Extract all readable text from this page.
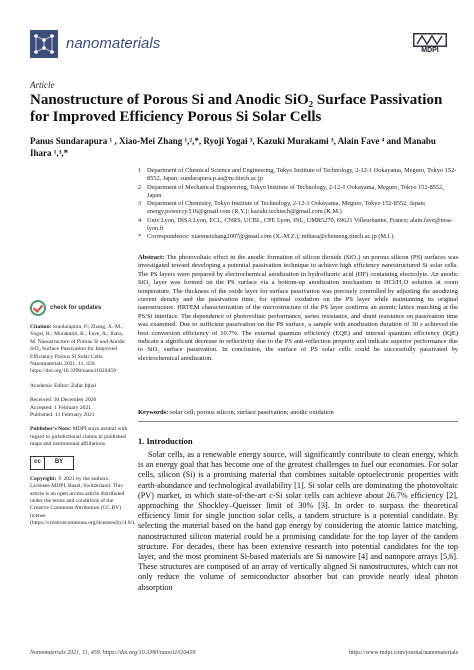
nanomaterials	MDPI
Article
Nanostructure of Porous Si and Anodic SiO₂ Surface Passivation for Improved Efficiency Porous Si Solar Cells
Panus Sundarapura ¹ , Xiao-Mei Zhang ¹,²,*, Ryoji Yogai ³, Kazuki Murakami ³, Alain Fave ⁴ and Manabu Ihara ¹,³,*
1 Department of Chemical Science and Engineering, Tokyo Institute of Technology, 2-12-1 Ookayama, Meguro, Tokyo 152-8552, Japan; sundarapura.p.aa@m.titech.ac.jp
2 Department of Mechanical Engineering, Tokyo Institute of Technology, 2-12-1 Ookayama, Meguro, Tokyo 152-8552, Japan
3 Department of Chemistry, Tokyo Institute of Technology, 2-12-1 Ookayama, Meguro, Tokyo 152-8552, Japan; energy.power.ry.516@gmail.com (R.Y.); kazuki.techtech@gmail.com (K.M.)
4 Univ Lyon, INSA Lyon, ECL, CNRS, UCBL, CPE Lyon, INL, UMR5270, 69621 Villeurbanne, France; alain.fave@insa-lyon.fr
* Correspondence: xiaomeizhang2007@gmail.com (X.-M.Z.); mihara@chemeng.titech.ac.jp (M.I.)
check for updates
Citation: Sundarapura, P.; Zhang, X.-M.; Yogai, R.; Murakami, K.; Fave, A.; Ihara, M. Nanostructure of Porous Si and Anodic SiO₂ Surface Passivation for Improved Efficiency Porous Si Solar Cells. Nanomaterials 2021, 11, 459. https://doi.org/10.3390/nano11020459
Academic Editor: Zafar Iqbal
Received: 30 December 2020
Accepted: 1 February 2021
Published: 11 February 2021
Publisher's Note: MDPI stays neutral with regard to jurisdictional claims in published maps and institutional affiliations.
cc	BY
Copyright: © 2021 by the authors. Licensee MDPI, Basel, Switzerland. This article is an open access article distributed under the terms and conditions of the Creative Commons Attribution (CC BY) license (https://creativecommons.org/licenses/by/4.0/).
Abstract: The photovoltaic effect in the anodic formation of silicon dioxide (SiO₂) on porous silicon (PS) surfaces was investigated toward developing a potential passivation technique to achieve high efficiency nanostructured Si solar cells. The PS layers were prepared by electrochemical anodization in hydrofluoric acid (HF) containing electrolyte. An anodic SiO₂ layer was formed on the PS surface via a bottom-up anodization mechanism in HCl/H₂O solution at room temperature. The thickness of the oxide layer for surface passivation was precisely controlled by adjusting the anodizing current density and the passivation time, for optimal oxidation on the PS layer while maintaining its original nanostructure. HRTEM characterization of the microstructure of the PS layer confirms an atomic lattice matching at the PS/Si interface. The dependence of photovoltaic performance, series resistance, and shunt resistance on passivation time was examined. Due to sufficient passivation on the PS surface, a sample with anodization duration of 30 s achieved the best conversion efficiency of 10.7%. The external quantum efficiency (EQE) and internal quantum efficiency (IQE) indicate a significant decrease in reflectivity due to the PS anti-reflection property and indicate superior performance due to SiO₂ surface passivation. In conclusion, the surface of PS solar cells could be successfully passivated by electrochemical anodization.
Keywords: solar cell; porous silicon; surface passivation; anodic oxidation
1. Introduction
Solar cells, as a renewable energy source, will significantly contribute to clean energy, which is an energy goal that has become one of the greatest challenges to fuel our economies. For solar cells, silicon (Si) is a promising material that combines suitable optoelectronic properties with earth-abundance and technological availability [1]. Si solar cells are dominating the photovoltaic (PV) market, in which state-of-the-art c-Si solar cells can achieve about 26.7% efficiency [2], approaching the Shockley–Queisser limit of 30% [3]. In order to surpass the theoretical efficiency limit for single junction solar cells, a tandem structure is a potential candidate. By selecting the material based on the band gap energy by considering the atomic lattice matching, nanostructured silicon material could be a promising candidate for the top layer of the tandem structure. For decades, there has been extensive research into potential candidates for the top layer, and the most prominent Si-based materials are Si nanowire [4] and nanopore arrays [5,6]. These structures are composed of an array of vertically aligned Si nanostructures, which can not only reduce the volume of semiconductor absorber but can provide nearly ideal photon absorption
Nanomaterials 2021, 11, 459. https://doi.org/10.3390/nano11020459	https://www.mdpi.com/journal/nanomaterials
